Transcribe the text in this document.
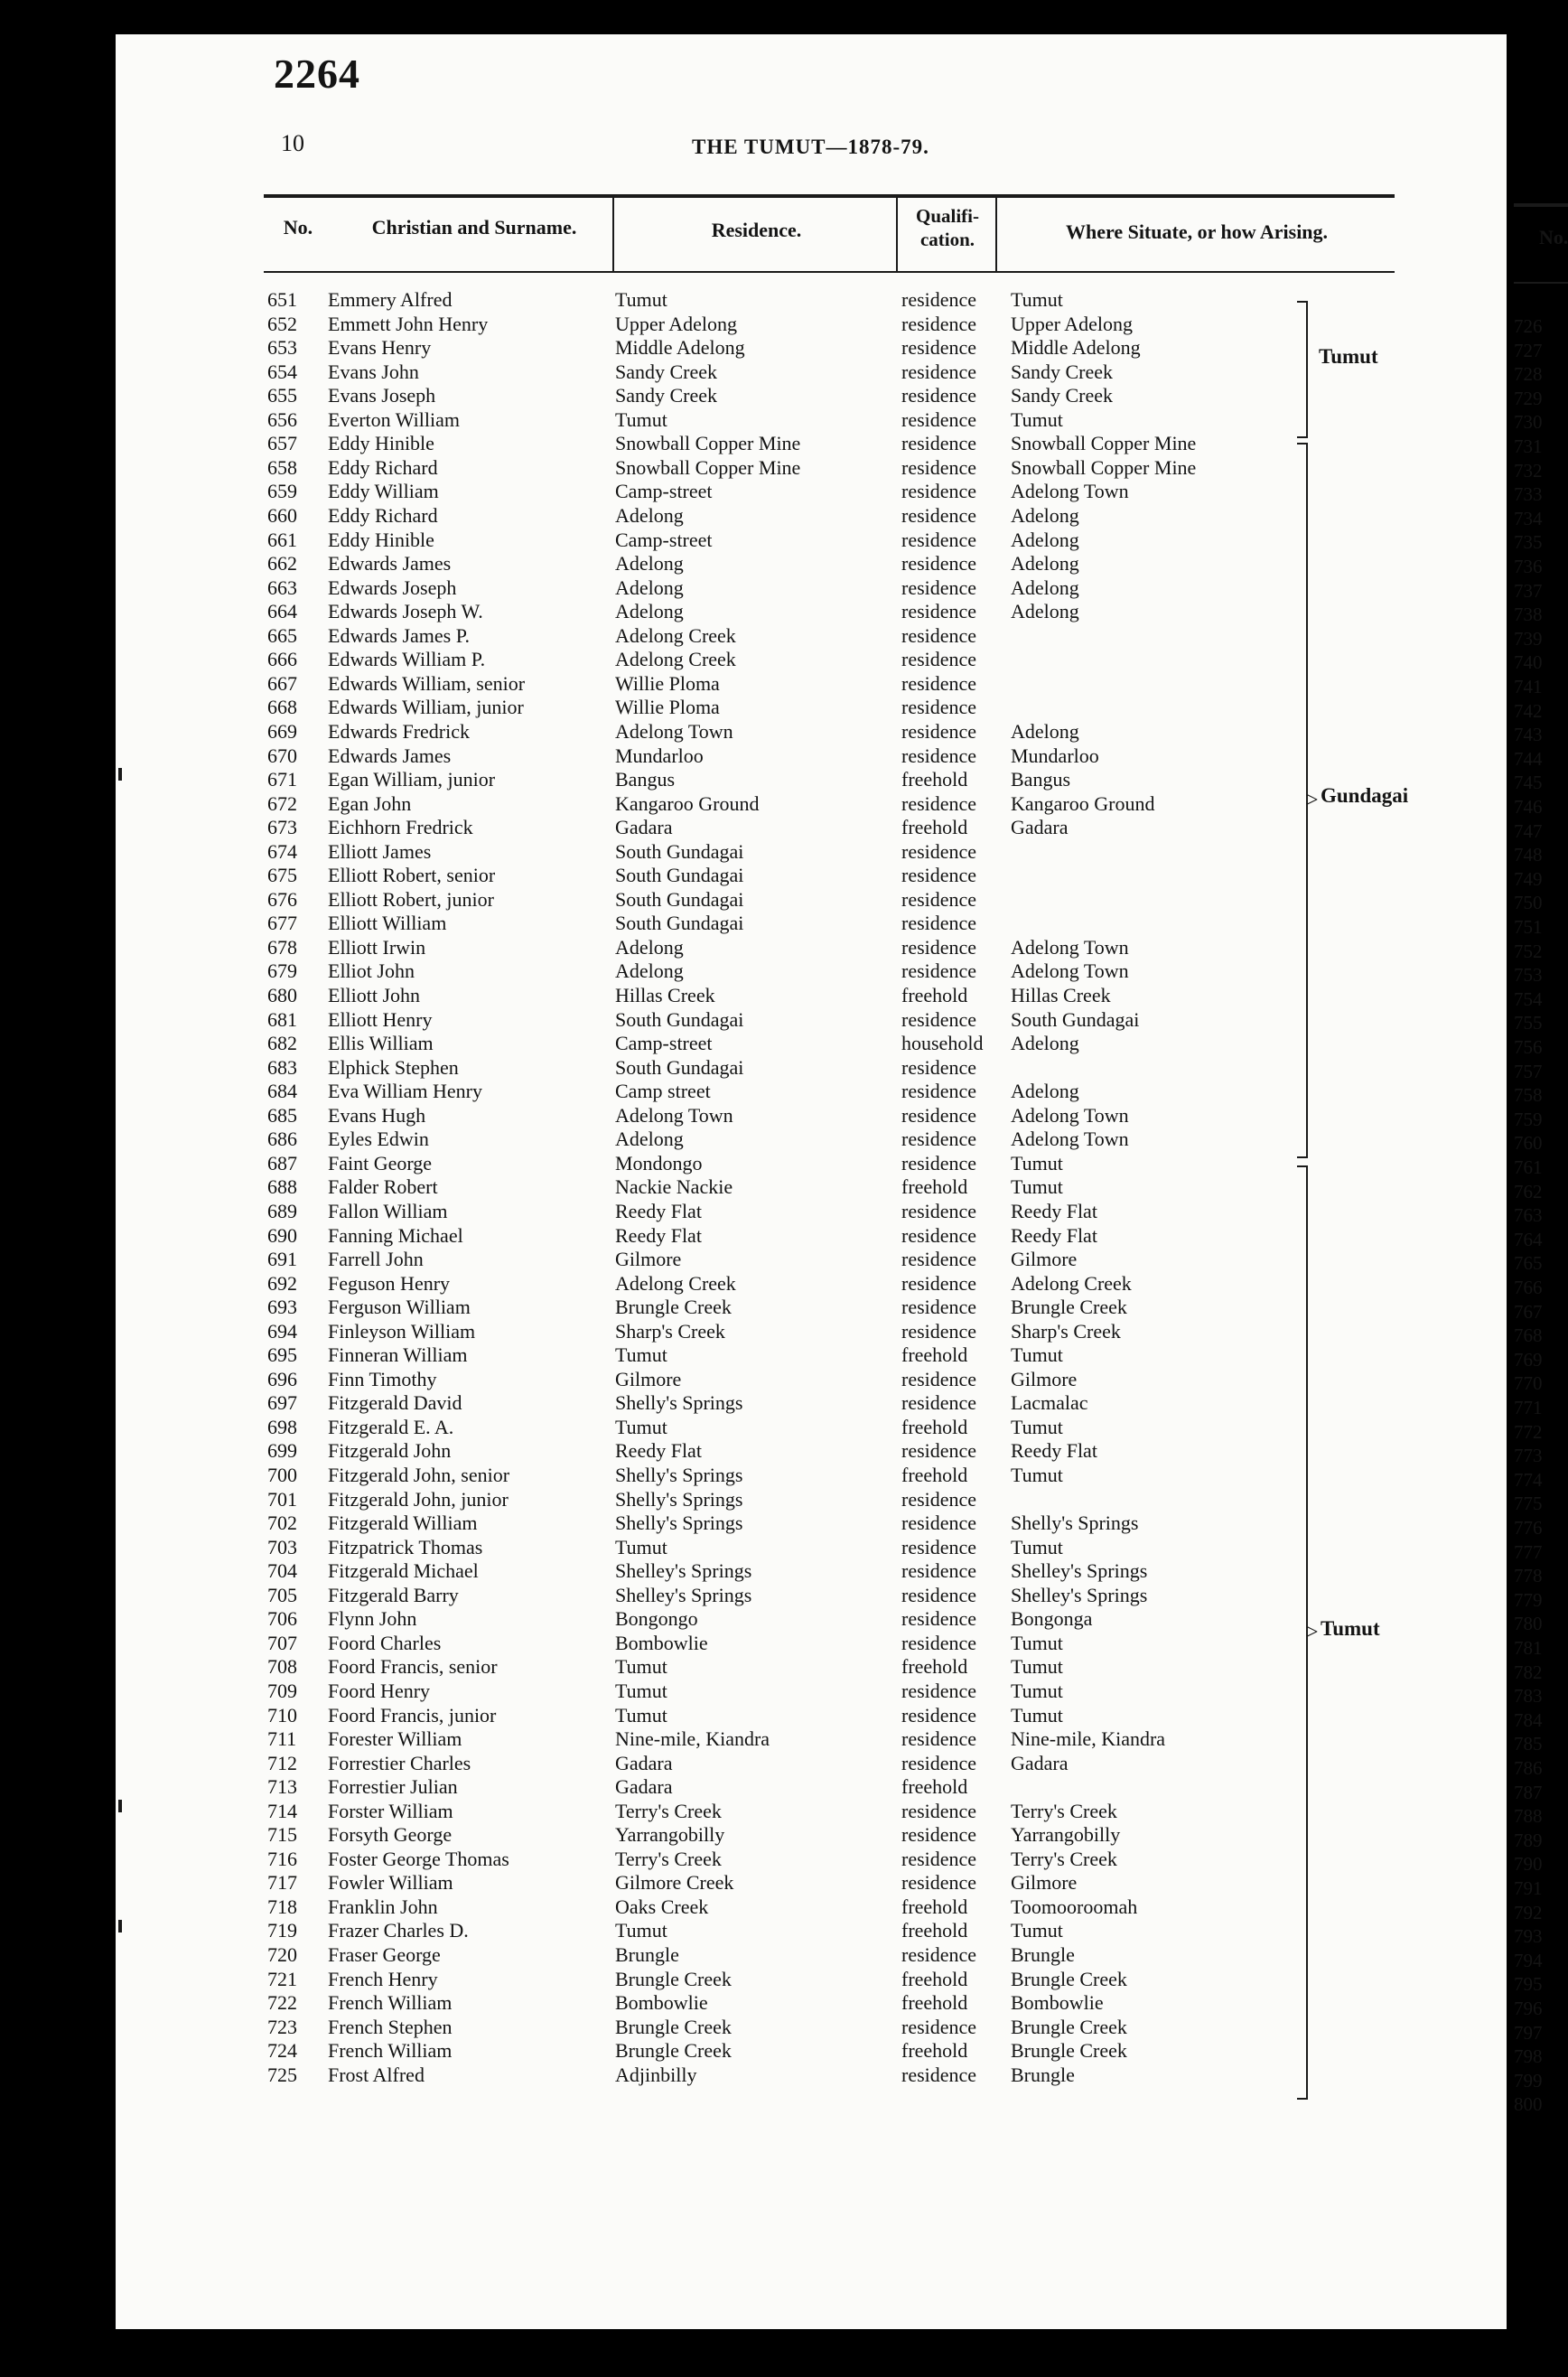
2264
10	THE TUMUT—1878-79.
No.	Christian and Surname.	Residence.
Qualifi- cation.	Where Situate, or how Arising.	No.
651 Emmery Alfred	Tumut	residence Tumut
652 Emmett John Henry	Upper Adelong	residence Upper Adelong
653 Evans Henry	Middle Adelong	residence Middle Adelong
654 Evans John	Sandy Creek	residence Sandy Creek
655 Evans Joseph	Sandy Creek	residence Sandy Creek
656 Everton William	Tumut	residence Tumut
657 Eddy Hinible	Snowball Copper Mine	residence Snowball Copper Mine
658 Eddy Richard	Snowball Copper Mine	residence Snowball Copper Mine
659 Eddy William	Camp-street	residence Adelong Town
660 Eddy Richard	Adelong	residence Adelong
661 Eddy Hinible	Camp-street	residence Adelong
662 Edwards James	Adelong	residence Adelong
663 Edwards Joseph	Adelong	residence Adelong
664 Edwards Joseph W.	Adelong	residence Adelong
665 Edwards James P.	Adelong Creek	residence
666 Edwards William P.	Adelong Creek	residence
667 Edwards William, senior	Willie Ploma	residence
668 Edwards William, junior	Willie Ploma	residence
669 Edwards Fredrick	Adelong Town	residence Adelong
670 Edwards James	Mundarloo	residence Mundarloo
671 Egan William, junior	Bangus	freehold Bangus
672 Egan John	Kangaroo Ground	residence Kangaroo Ground
673 Eichhorn Fredrick	Gadara	freehold Gadara
674 Elliott James	South Gundagai	residence
675 Elliott Robert, senior	South Gundagai	residence
676 Elliott Robert, junior	South Gundagai	residence
677 Elliott William	South Gundagai	residence
678 Elliott Irwin	Adelong	residence Adelong Town
679 Elliot John	Adelong	residence Adelong Town
680 Elliott John	Hillas Creek	freehold Hillas Creek
681 Elliott Henry	South Gundagai	residence South Gundagai
682 Ellis William	Camp-street	household Adelong
683 Elphick Stephen	South Gundagai	residence
684 Eva William Henry	Camp street	residence Adelong
685 Evans Hugh	Adelong Town	residence Adelong Town
686 Eyles Edwin	Adelong	residence Adelong Town
687 Faint George	Mondongo	residence Tumut
688 Falder Robert	Nackie Nackie	freehold Tumut
689 Fallon William	Reedy Flat	residence Reedy Flat
690 Fanning Michael	Reedy Flat	residence Reedy Flat
691 Farrell John	Gilmore	residence Gilmore
692 Feguson Henry	Adelong Creek	residence Adelong Creek
693 Ferguson William	Brungle Creek	residence Brungle Creek
694 Finleyson William	Sharp's Creek	residence Sharp's Creek
695 Finneran William	Tumut	freehold Tumut
696 Finn Timothy	Gilmore	residence Gilmore
697 Fitzgerald David	Shelly's Springs	residence Lacmalac
698 Fitzgerald E. A.	Tumut	freehold Tumut
699 Fitzgerald John	Reedy Flat	residence Reedy Flat
700 Fitzgerald John, senior	Shelly's Springs	freehold Tumut
701 Fitzgerald John, junior	Shelly's Springs	residence
702 Fitzgerald William	Shelly's Springs	residence Shelly's Springs
703 Fitzpatrick Thomas	Tumut	residence Tumut
704 Fitzgerald Michael	Shelley's Springs	residence Shelley's Springs
705 Fitzgerald Barry	Shelley's Springs	residence Shelley's Springs
706 Flynn John	Bongongo	residence Bongonga
707 Foord Charles	Bombowlie	residence Tumut
708 Foord Francis, senior	Tumut	freehold Tumut
709 Foord Henry	Tumut	residence Tumut
710 Foord Francis, junior	Tumut	residence Tumut
711 Forester William	Nine-mile, Kiandra	residence Nine-mile, Kiandra
712 Forrestier Charles	Gadara	residence Gadara
713 Forrestier Julian	Gadara	freehold
714 Forster William	Terry's Creek	residence Terry's Creek
715 Forsyth George	Yarrangobilly	residence Yarrangobilly
716 Foster George Thomas	Terry's Creek	residence Terry's Creek
717 Fowler William	Gilmore Creek	residence Gilmore
718 Franklin John	Oaks Creek	freehold Toomooroomah
719 Frazer Charles D.	Tumut	freehold Tumut
720 Fraser George	Brungle	residence Brungle
721 French Henry	Brungle Creek	freehold Brungle Creek
722 French William	Bombowlie	freehold Bombowlie
723 French Stephen	Brungle Creek	residence Brungle Creek
724 French William	Brungle Creek	freehold Brungle Creek
725 Frost Alfred	Adjinbilly	residence Brungle
Tumut
Gundagai
>
Tumut
>
726
727
728
729
730
731
732
733
734
735
736
737
738
739
740
741
742
743
744
745
746
747
748
749
750
751
752
753
754
755
756
757
758
759
760
761
762
763
764
765
766
767
768
769
770
771
772
773
774
775
776
777
778
779
780
781
782
783
784
785
786
787
788
789
790
791
792
793
794
795
796
797
798
799
800
